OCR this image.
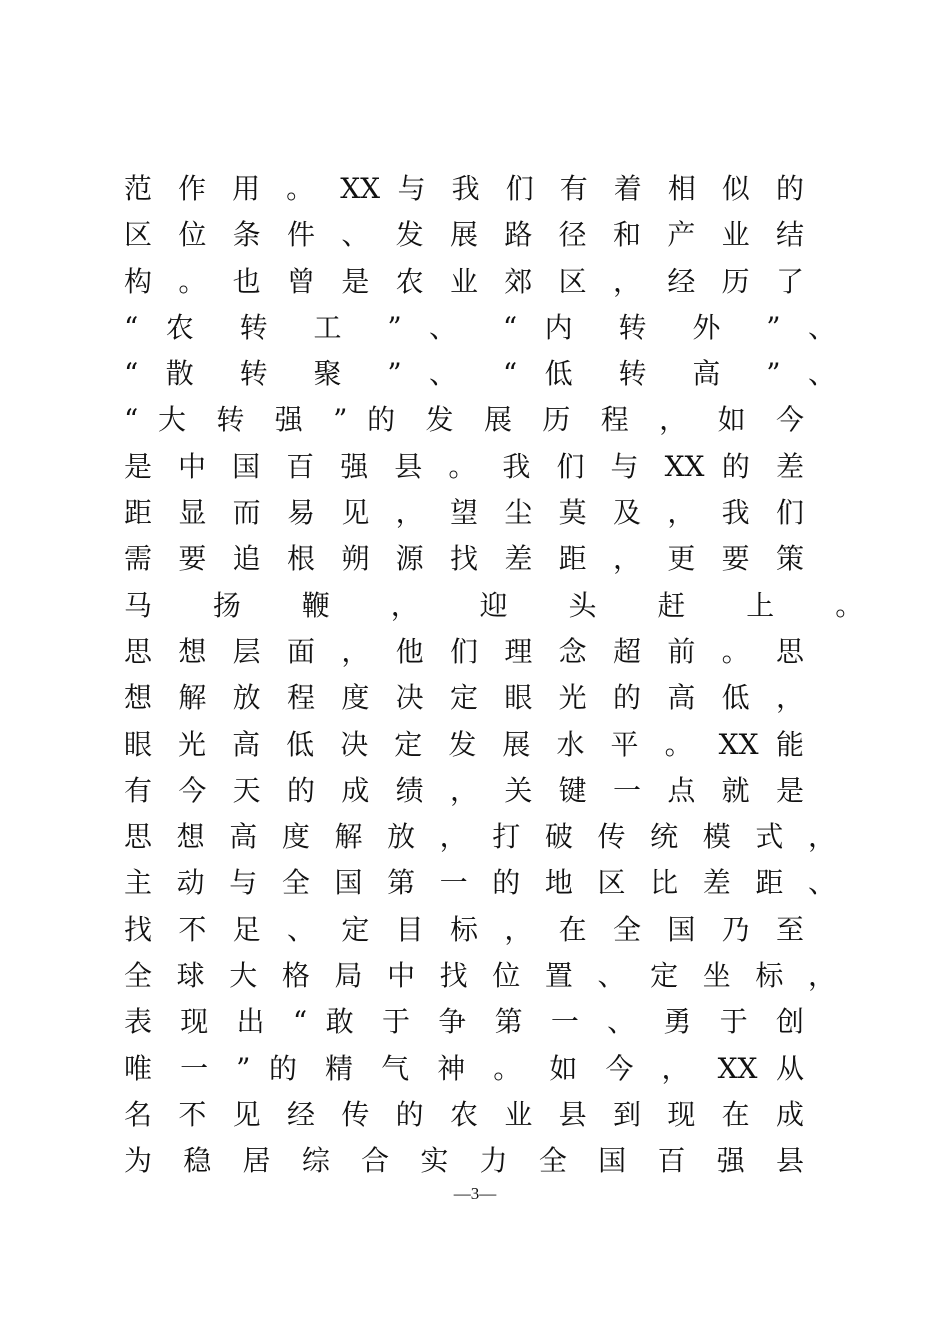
范 作 用 。 XX 与 我 们 有 着 相 似 的
区 位 条 件 、 发 展 路 径 和 产 业 结
构 。 也 曾 是 农 业 郊 区 ， 经 历 了
“ 农 转 工 ” 、 “ 内 转 外 ” 、
“ 散 转 聚 ” 、 “ 低 转 高 ” 、
“ 大 转 强 ” 的 发 展 历 程 ， 如 今
是 中 国 百 强 县 。 我 们 与 XX 的 差
距 显 而 易 见 ， 望 尘 莫 及 ， 我 们
需 要 追 根 朔 源 找 差 距 ， 更 要 策
马 扬 鞭 ， 迎 头 赶 上 。
思 想 层 面 ， 他 们 理 念 超 前 。 思
想 解 放 程 度 决 定 眼 光 的 高 低 ，
眼 光 高 低 决 定 发 展 水 平 。 XX 能
有 今 天 的 成 绩 ， 关 键 一 点 就 是
思 想 高 度 解 放 ， 打 破 传 统 模 式 ，
主 动 与 全 国 第 一 的 地 区 比 差 距 、
找 不 足 、 定 目 标 ， 在 全 国 乃 至
全 球 大 格 局 中 找 位 置 、 定 坐 标 ，
表 现 出 “ 敢 于 争 第 一 、 勇 于 创
唯 一 ” 的 精 气 神 。 如 今 ， XX 从
名 不 见 经 传 的 农 业 县 到 现 在 成
为 稳 居 综 合 实 力 全 国 百 强 县
—3—
